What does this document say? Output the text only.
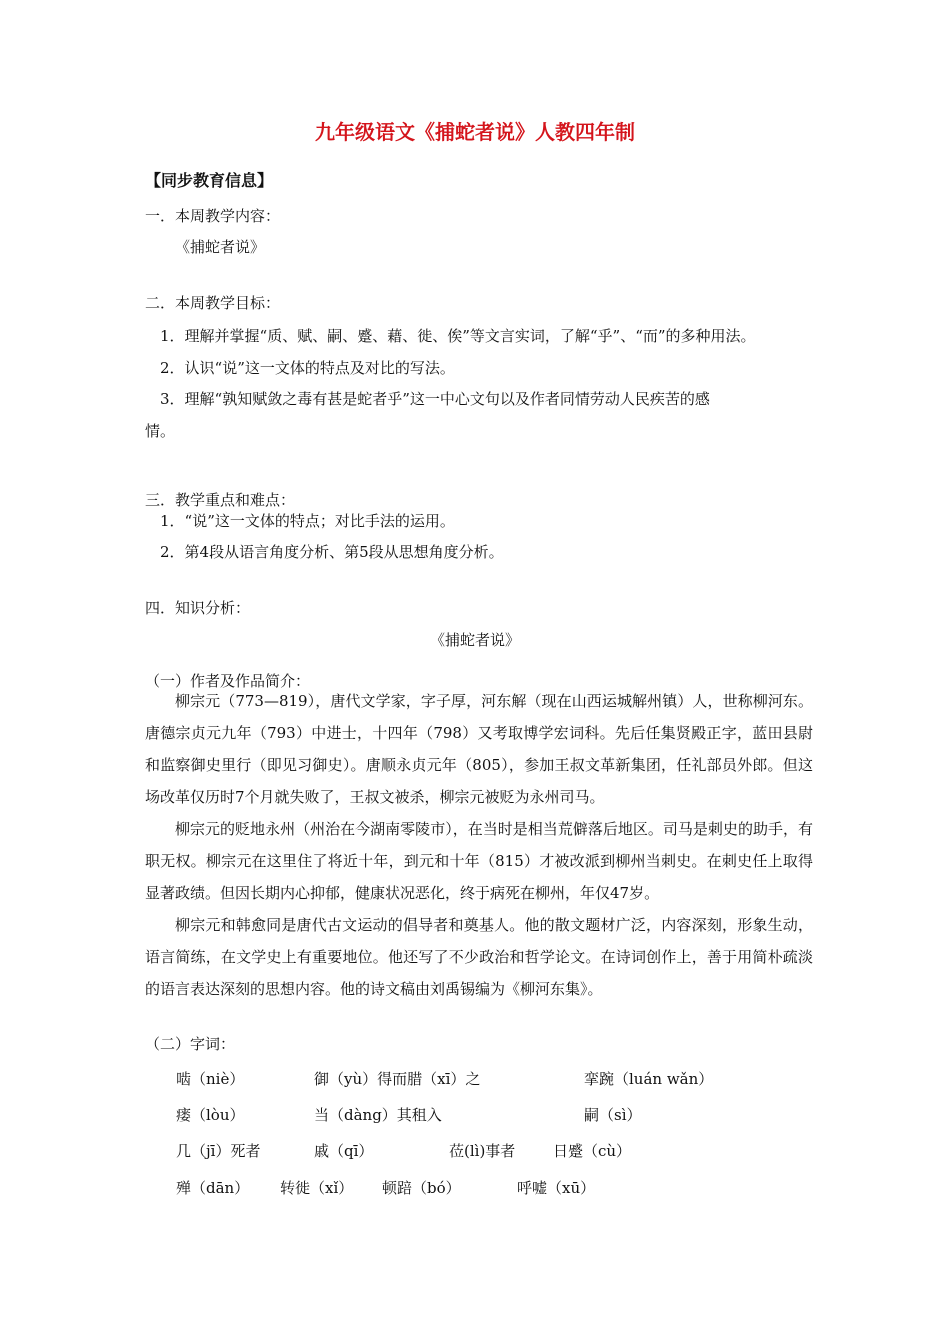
九年级语文《捕蛇者说》人教四年制
【同步教育信息】
一．本周教学内容：
《捕蛇者说》
二．本周教学目标：
1．理解并掌握“质、赋、嗣、蹙、藉、徙、俟”等文言实词，了解“乎”、“而”的多种用法。
2．认识“说”这一文体的特点及对比的写法。
3．理解“孰知赋敛之毒有甚是蛇者乎”这一中心文句以及作者同情劳动人民疾苦的感
情。
三．教学重点和难点：
1．“说”这一文体的特点；对比手法的运用。
2．第4段从语言角度分析、第5段从思想角度分析。
四．知识分析：
《捕蛇者说》
（一）作者及作品简介：
柳宗元（773—819），唐代文学家，字子厚，河东解（现在山西运城解州镇）人，世称柳河东。唐德宗贞元九年（793）中进士，十四年（798）又考取博学宏词科。先后任集贤殿正字，蓝田县尉和监察御史里行（即见习御史）。唐顺永贞元年（805），参加王叔文革新集团，任礼部员外郎。但这场改革仅历时7个月就失败了，王叔文被杀，柳宗元被贬为永州司马。
柳宗元的贬地永州（州治在今湖南零陵市），在当时是相当荒僻落后地区。司马是刺史的助手，有职无权。柳宗元在这里住了将近十年，到元和十年（815）才被改派到柳州当刺史。在刺史任上取得显著政绩。但因长期内心抑郁，健康状况恶化，终于病死在柳州，年仅47岁。
柳宗元和韩愈同是唐代古文运动的倡导者和奠基人。他的散文题材广泛，内容深刻，形象生动，语言简练，在文学史上有重要地位。他还写了不少政治和哲学论文。在诗词创作上，善于用简朴疏淡的语言表达深刻的思想内容。他的诗文稿由刘禹锡编为《柳河东集》。
（二）字词：
啮（niè）	御（yù）得而腊（xī）之	挛踠（luán wǎn）
瘘（lòu）	当（dàng）其租入	嗣（sì）
几（jī）死者	戚（qī）	莅(lì)事者	日蹙（cù）
殚（dān） 转徙（xǐ） 顿踣（bó）	呼嘘（xū）
